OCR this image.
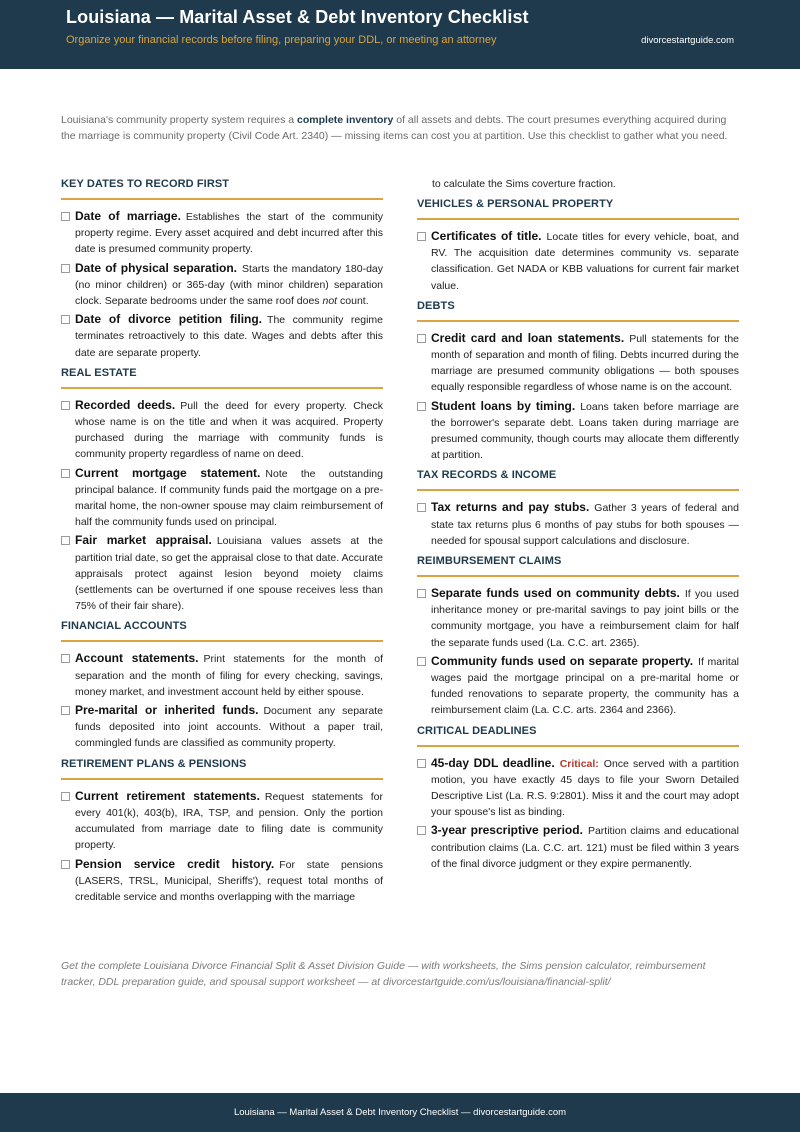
Louisiana — Marital Asset & Debt Inventory Checklist
Organize your financial records before filing, preparing your DDL, or meeting an attorney	divorcestartguide.com
Louisiana's community property system requires a complete inventory of all assets and debts. The court presumes everything acquired during the marriage is community property (Civil Code Art. 2340) — missing items can cost you at partition. Use this checklist to gather what you need.
KEY DATES TO RECORD FIRST
Date of marriage. Establishes the start of the community property regime. Every asset acquired and debt incurred after this date is presumed community property.
Date of physical separation. Starts the mandatory 180-day (no minor children) or 365-day (with minor children) separation clock. Separate bedrooms under the same roof does not count.
Date of divorce petition filing. The community regime terminates retroactively to this date. Wages and debts after this date are separate property.
REAL ESTATE
Recorded deeds. Pull the deed for every property. Check whose name is on the title and when it was acquired. Property purchased during the marriage with community funds is community property regardless of name on deed.
Current mortgage statement. Note the outstanding principal balance. If community funds paid the mortgage on a pre-marital home, the non-owner spouse may claim reimbursement of half the community funds used on principal.
Fair market appraisal. Louisiana values assets at the partition trial date, so get the appraisal close to that date. Accurate appraisals protect against lesion beyond moiety claims (settlements can be overturned if one spouse receives less than 75% of their fair share).
FINANCIAL ACCOUNTS
Account statements. Print statements for the month of separation and the month of filing for every checking, savings, money market, and investment account held by either spouse.
Pre-marital or inherited funds. Document any separate funds deposited into joint accounts. Without a paper trail, commingled funds are classified as community property.
RETIREMENT PLANS & PENSIONS
Current retirement statements. Request statements for every 401(k), 403(b), IRA, TSP, and pension. Only the portion accumulated from marriage date to filing date is community property.
Pension service credit history. For state pensions (LASERS, TRSL, Municipal, Sheriffs'), request total months of creditable service and months overlapping with the marriage
to calculate the Sims coverture fraction.
VEHICLES & PERSONAL PROPERTY
Certificates of title. Locate titles for every vehicle, boat, and RV. The acquisition date determines community vs. separate classification. Get NADA or KBB valuations for current fair market value.
DEBTS
Credit card and loan statements. Pull statements for the month of separation and month of filing. Debts incurred during the marriage are presumed community obligations — both spouses equally responsible regardless of whose name is on the account.
Student loans by timing. Loans taken before marriage are the borrower's separate debt. Loans taken during marriage are presumed community, though courts may allocate them differently at partition.
TAX RECORDS & INCOME
Tax returns and pay stubs. Gather 3 years of federal and state tax returns plus 6 months of pay stubs for both spouses — needed for spousal support calculations and disclosure.
REIMBURSEMENT CLAIMS
Separate funds used on community debts. If you used inheritance money or pre-marital savings to pay joint bills or the community mortgage, you have a reimbursement claim for half the separate funds used (La. C.C. art. 2365).
Community funds used on separate property. If marital wages paid the mortgage principal on a pre-marital home or funded renovations to separate property, the community has a reimbursement claim (La. C.C. arts. 2364 and 2366).
CRITICAL DEADLINES
45-day DDL deadline. Critical: Once served with a partition motion, you have exactly 45 days to file your Sworn Detailed Descriptive List (La. R.S. 9:2801). Miss it and the court may adopt your spouse's list as binding.
3-year prescriptive period. Partition claims and educational contribution claims (La. C.C. art. 121) must be filed within 3 years of the final divorce judgment or they expire permanently.
Get the complete Louisiana Divorce Financial Split & Asset Division Guide — with worksheets, the Sims pension calculator, reimbursement tracker, DDL preparation guide, and spousal support worksheet — at divorcestartguide.com/us/louisiana/financial-split/
Louisiana — Marital Asset & Debt Inventory Checklist — divorcestartguide.com
